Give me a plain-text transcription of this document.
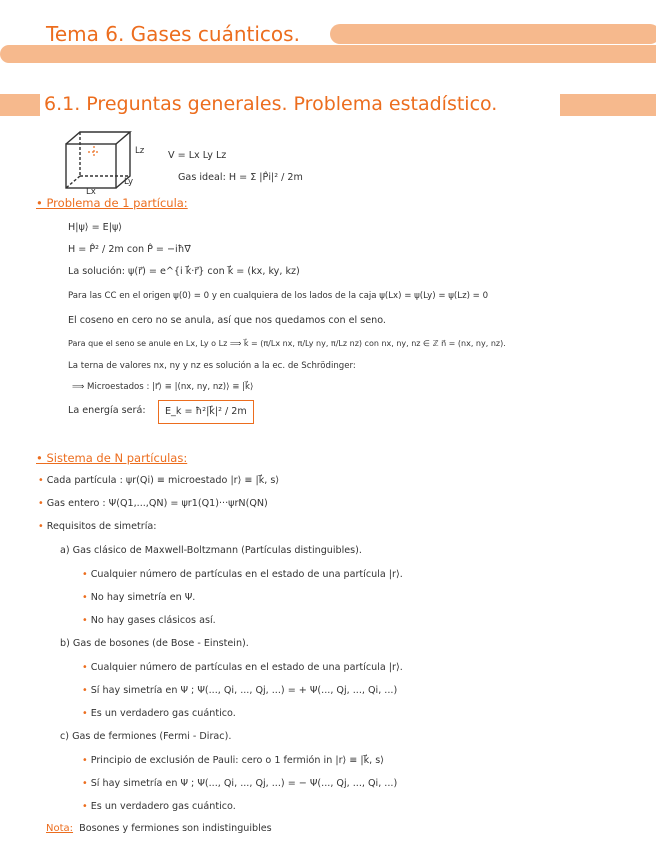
Tema 6. Gases cuánticos.
6.1. Preguntas generales. Problema estadístico.
Lz
Lx
Ly
V = Lx Ly Lz
Gas ideal: H = Σ |P̂i|² / 2m
• Problema de 1 partícula:
H|ψ⟩ = E|ψ⟩
H = P̂² / 2m con P̂ = −iħ∇⃗
La solución: ψ(r⃗) = e^{i k⃗·r⃗} con k⃗ = (kx, ky, kz)
Para las CC en el origen ψ(0) = 0 y en cualquiera de los lados de la caja ψ(Lx) = ψ(Ly) = ψ(Lz) = 0
El coseno en cero no se anula, así que nos quedamos con el seno.
Para que el seno se anule en Lx, Ly o Lz ⟹ k⃗ = (π/Lx nx, π/Ly ny, π/Lz nz) con nx, ny, nz ∈ ℤ n⃗ = (nx, ny, nz).
La terna de valores nx, ny y nz es solución a la ec. de Schrödinger:
⟹ Microestados : |r⃗⟩ ≡ |(nx, ny, nz)⟩ ≡ |k⃗⟩
La energía será:	E_k = ħ²|k⃗|² / 2m
• Sistema de N partículas:
• Cada partícula : ψr(Qi) ≡ microestado |r⟩ ≡ |k⃗, s⟩
• Gas entero : Ψ(Q1,...,QN) = ψr1(Q1)···ψrN(QN)
• Requisitos de simetría:
a) Gas clásico de Maxwell-Boltzmann (Partículas distinguibles).
• Cualquier número de partículas en el estado de una partícula |r⟩.
• No hay simetría en Ψ.
• No hay gases clásicos así.
b) Gas de bosones (de Bose - Einstein).
• Cualquier número de partículas en el estado de una partícula |r⟩.
• Sí hay simetría en Ψ ; Ψ(..., Qi, ..., Qj, ...) = + Ψ(..., Qj, ..., Qi, ...)
• Es un verdadero gas cuántico.
c) Gas de fermiones (Fermi - Dirac).
• Principio de exclusión de Pauli: cero o 1 fermión in |r⟩ ≡ |k⃗, s⟩
• Sí hay simetría en Ψ ; Ψ(..., Qi, ..., Qj, ...) = − Ψ(..., Qj, ..., Qi, ...)
• Es un verdadero gas cuántico.
Nota: Bosones y fermiones son indistinguibles
